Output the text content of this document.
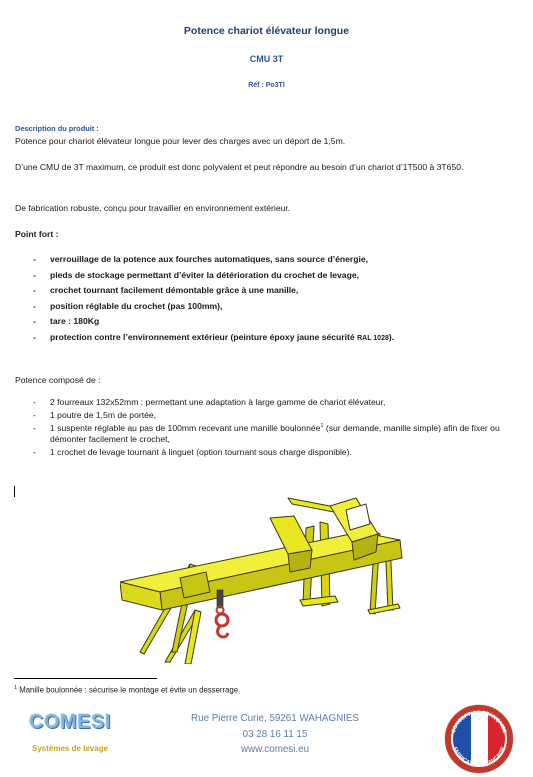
Potence chariot élévateur longue
CMU 3T
Réf : Po3Tl
Description du produit :
Potence pour chariot élévateur longue pour lever des charges avec un déport de 1,5m.
D’une CMU de 3T maximum, ce produit est donc polyvalent et peut répondre au besoin d’un chariot d’1T500 à 3T650.
De fabrication robuste, conçu pour travailler en environnement extérieur.
Point fort :
- verrouillage de la potence aux fourches automatiques, sans source d’énergie,
- pieds de stockage permettant d’éviter la détérioration du crochet de levage,
- crochet tournant facilement démontable grâce à une manille,
- position réglable du crochet (pas 100mm),
- tare : 180Kg
- protection contre l’environnement extérieur (peinture époxy jaune sécurité RAL 1028).
Potence composé de :
- 2 fourreaux 132x52mm : permettant une adaptation à large gamme de chariot élévateur,
- 1 poutre de 1,5m de portée,
- 1 suspente réglable au pas de 100mm recevant une manille boulonnée$^1$ (sur demande, manille simple) afin de fixer ou démonter facilement le crochet,
- 1 crochet de levage tournant à linguet (option tournant sous charge disponible).
$^1$ Manille boulonnée : sécurise le montage et évite un desserrage.
COMESI
Systèmes de levage
Rue Pierre Curie, 59261 WAHAGNIES
03 28 16 11 15
www.comesi.eu
CONCEPTION FRANÇAISE
FABRICATION FRANÇAISE
